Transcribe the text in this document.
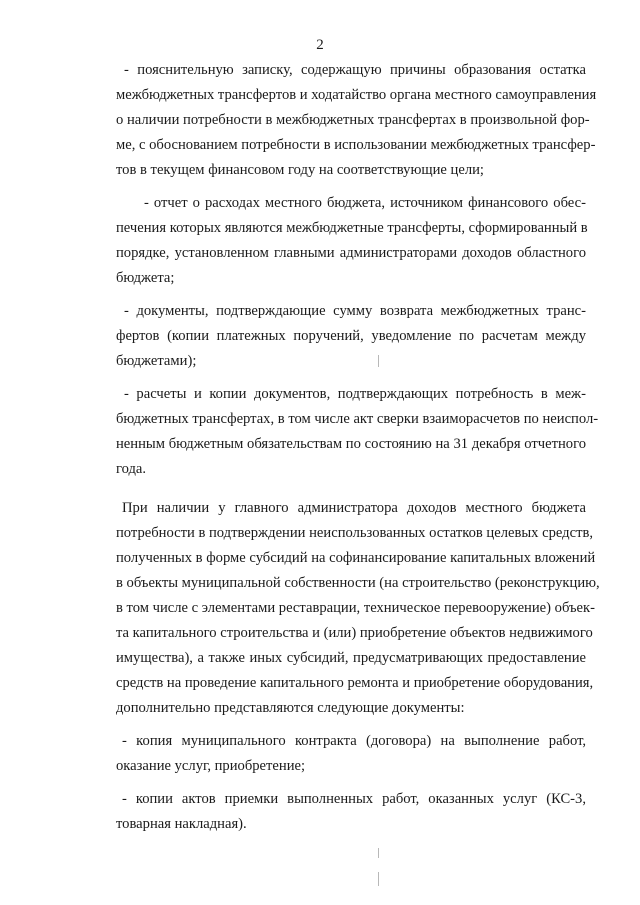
2
- пояснительную записку, содержащую причины образования остатка
межбюджетных трансфертов и ходатайство органа местного самоуправления
о наличии потребности в межбюджетных трансфертах в произвольной фор-
ме, с обоснованием потребности в использовании межбюджетных трансфер-
тов в текущем финансовом году на соответствующие цели;
- отчет о расходах местного бюджета, источником финансового обес-
печения которых являются межбюджетные трансферты, сформированный в
порядке, установленном главными администраторами доходов областного
бюджета;
- документы, подтверждающие сумму возврата межбюджетных транс-
фертов (копии платежных поручений, уведомление по расчетам между
бюджетами);
- расчеты и копии документов, подтверждающих потребность в меж-
бюджетных трансфертах, в том числе акт сверки взаиморасчетов по неиспол-
ненным бюджетным обязательствам по состоянию на 31 декабря отчетного
года.
При наличии у главного администратора доходов местного бюджета
потребности в подтверждении неиспользованных остатков целевых средств,
полученных в форме субсидий на софинансирование капитальных вложений
в объекты муниципальной собственности (на строительство (реконструкцию,
в том числе с элементами реставрации, техническое перевооружение) объек-
та капитального строительства и (или) приобретение объектов недвижимого
имущества), а также иных субсидий, предусматривающих предоставление
средств на проведение капитального ремонта и приобретение оборудования,
дополнительно представляются следующие документы:
- копия муниципального контракта (договора) на выполнение работ,
оказание услуг, приобретение;
- копии актов приемки выполненных работ, оказанных услуг (КС-3,
товарная накладная).
